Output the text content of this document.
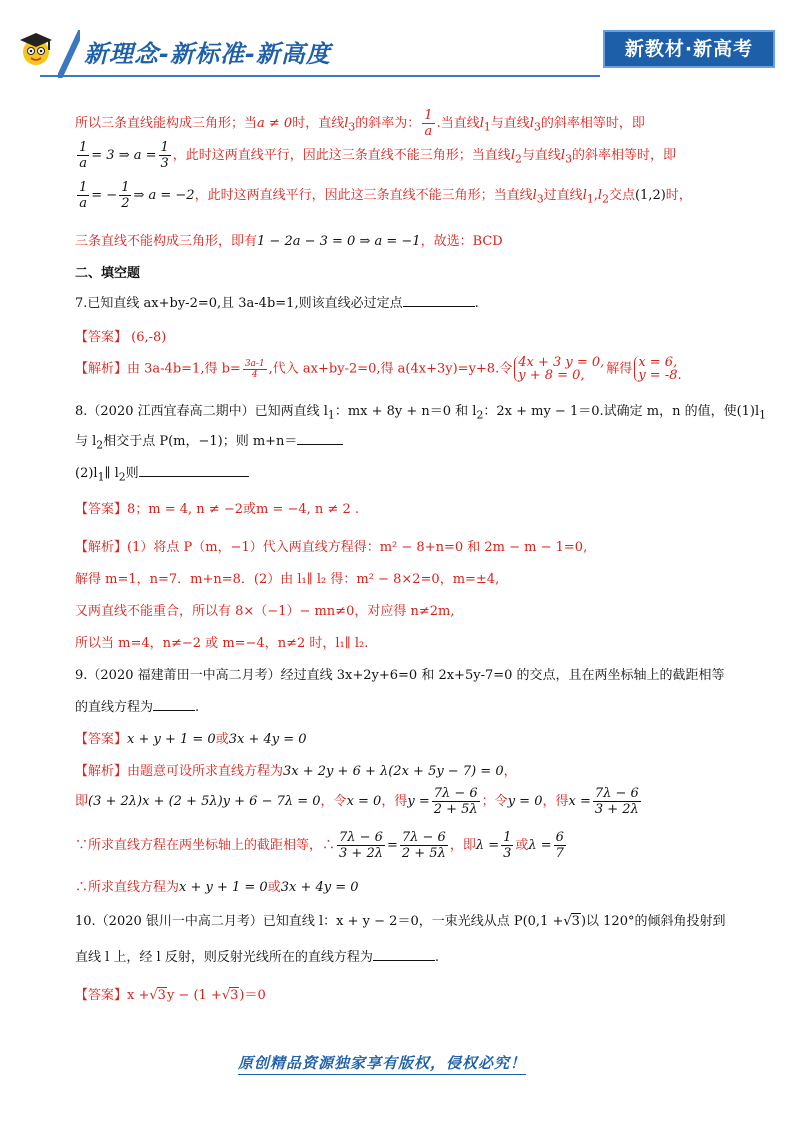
新理念-新标准-新高度	新教材·新高考
所以三条直线能构成三角形；当a ≠ 0时，直线$l_3$的斜率为： $\frac{1}{a}$ .当直线$l_1$与直线$l_3$的斜率相等时，即
$\frac{1}{a} = 3$ ⇒ $a = \frac{1}{3}$ ，此时这两直线平行，因此这三条直线不能三角形；当直线$l_2$与直线$l_3$的斜率相等时，即
$\frac{1}{a}$ = − $\frac{1}{2}$ ⇒ a = −2，此时这两直线平行，因此这三条直线不能三角形；当直线$l_3$过直线$l_1,l_2$交点(1,2)时，
三条直线不能构成三角形，即有1 − 2a − 3 = 0 ⇒ a = −1，故选：BCD
二、填空题
7.已知直线 ax+by-2=0,且 3a-4b=1,则该直线必过定点	.
【答案】 (6,-8)
【解析】由 3a-4b=1,得 $b= \frac{3a-1}{4}$ ,代入 ax+by-2=0,得 a(4x+3y)=y+8.令 4x + 3 y = 0,
y + 8 = 0,	解得 x = 6,
y = -8.
8.（2020 江西宜春高二期中）已知两直线 $l_1$：mx + 8y + n＝0 和 $l_2$：2x + my − 1＝0.试确定 m，n 的值，使$(1)l_1$
与 $l_2$相交于点 P(m，−1)；则 m+n＝
$(2)l_1\parallel$ $l_2$则
【答案】8；m = 4, n ≠ −2或m = −4, n ≠ 2 .
【解析】(1）将点 P（m，−1）代入两直线方程得：m² − 8+n=0 和 2m − m − 1=0,
解得 m=1，n=7．m+n=8．(2）由 l₁∥ l₂ 得：m² − 8×2=0，m=±4,
又两直线不能重合，所以有 8×（−1）− mn≠0，对应得 n≠2m,
所以当 m=4，n≠−2 或 m=−4，n≠2 时，l₁∥ l₂.
9.（2020 福建莆田一中高二月考）经过直线 3x+2y+6=0 和 2x+5y-7=0 的交点，且在两坐标轴上的截距相等
的直线方程为	.
【答案】x + y + 1 = 0或3x + 4y = 0
【解析】由题意可设所求直线方程为3x + 2y + 6 + λ(2x + 5y − 7) = 0，
即(3 + 2λ)x + (2 + 5λ)y + 6 − 7λ = 0，令x = 0，得$y = \frac{7\lambda - 6}{2 + 5\lambda}$ ；令y = 0，得$x = \frac{7\lambda - 6}{3 + 2\lambda}$
∵所求直线方程在两坐标轴上的截距相等，∴ $\frac{7\lambda - 6}{3 + 2\lambda} = \frac{7\lambda - 6}{2 + 5\lambda}$ ，即$\lambda = \frac{1}{3}$ 或$\lambda = \frac{6}{7}$
∴所求直线方程为x + y + 1 = 0或3x + 4y = 0
10.（2020 银川一中高二月考）已知直线 l：x + y − 2＝0，一束光线从点 P(0,1 +√3)以 120°的倾斜角投射到
直线 l 上，经 l 反射，则反射光线所在的直线方程为	.
【答案】x +√3y − (1 +√3)＝0
原创精品资源独家享有版权，侵权必究！
